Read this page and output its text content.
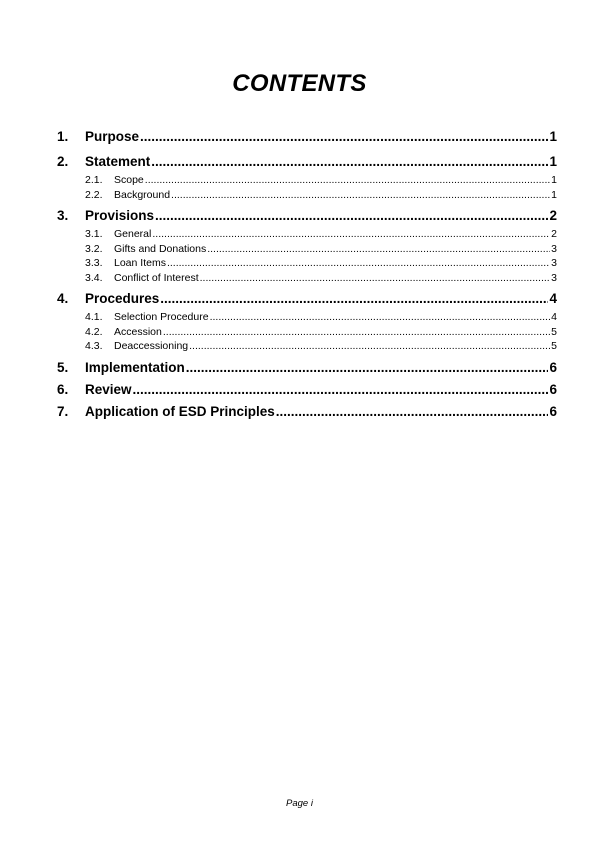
CONTENTS
1. Purpose .....	1
2. Statement .....	1
2.1. Scope .....	1
2.2. Background .....	1
3. Provisions .....	2
3.1. General .....	2
3.2. Gifts and Donations .....	3
3.3. Loan Items .....	3
3.4. Conflict of Interest .....	3
4. Procedures .....	4
4.1. Selection Procedure .....	4
4.2. Accession .....	5
4.3. Deaccessioning .....	5
5. Implementation .....	6
6. Review .....	6
7. Application of ESD Principles .....	6
Page i
